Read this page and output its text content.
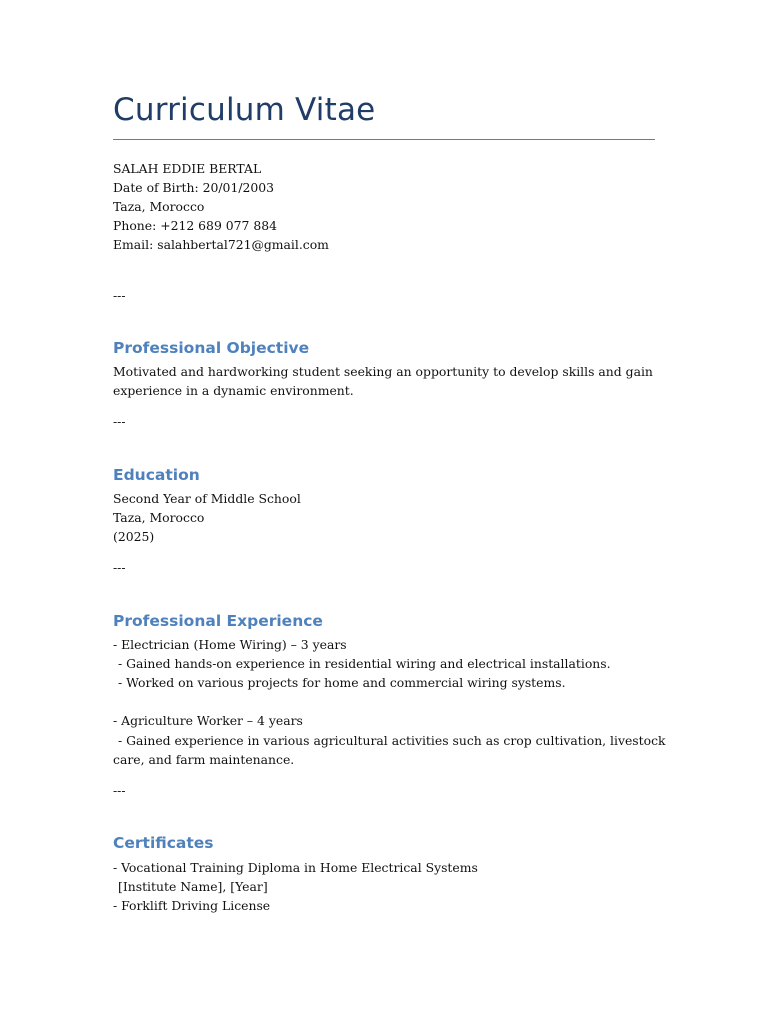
Curriculum Vitae
SALAH EDDIE BERTAL
Date of Birth: 20/01/2003
Taza, Morocco
Phone: +212 689 077 884
Email: salahbertal721@gmail.com
---
Professional Objective
Motivated and hardworking student seeking an opportunity to develop skills and gain
experience in a dynamic environment.
---
Education
Second Year of Middle School
Taza, Morocco
(2025)
---
Professional Experience
- Electrician (Home Wiring) – 3 years
- Gained hands-on experience in residential wiring and electrical installations.
- Worked on various projects for home and commercial wiring systems.
- Agriculture Worker – 4 years
- Gained experience in various agricultural activities such as crop cultivation, livestock
care, and farm maintenance.
---
Certificates
- Vocational Training Diploma in Home Electrical Systems
[Institute Name], [Year]
- Forklift Driving License
